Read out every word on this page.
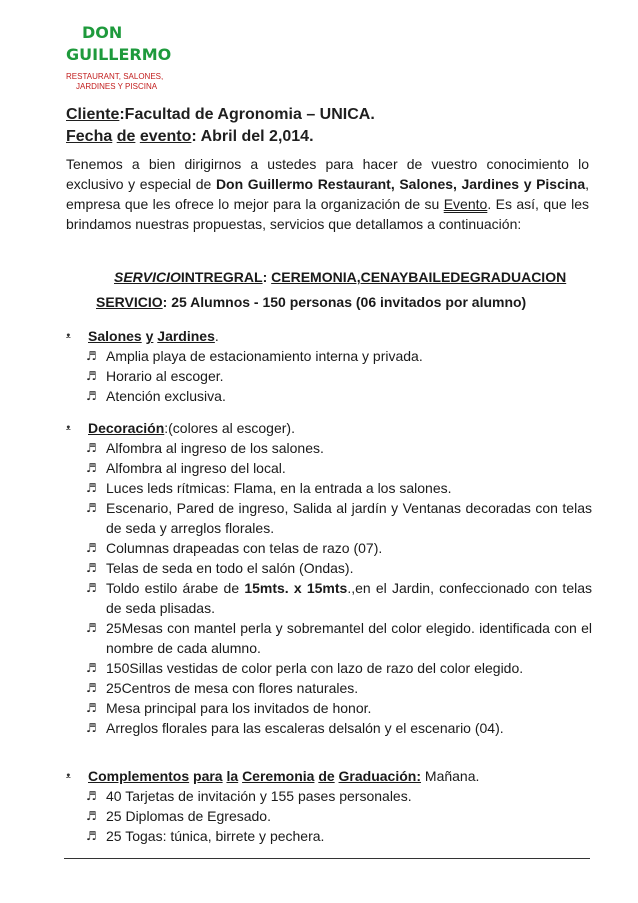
DON
GUILLERMO
RESTAURANT, SALONES,
JARDINES Y PISCINA
Cliente:Facultad de Agronomia – UNICA.
Fecha de evento: Abril del 2,014.
Tenemos a bien dirigirnos a ustedes para hacer de vuestro conocimiento lo exclusivo y especial de Don Guillermo Restaurant, Salones, Jardines y Piscina, empresa que les ofrece lo mejor para la organización de su Evento. Es así, que les brindamos nuestras propuestas, servicios que detallamos a continuación:
SERVICIOINTREGRAL: CEREMONIA,CENAYBAILEDEGRADUACION
SERVICIO: 25 Alumnos - 150 personas (06 invitados por alumno)
ᵜ Salones y Jardines.
♬ Amplia playa de estacionamiento interna y privada.
♬ Horario al escoger.
♬ Atención exclusiva.
ᵜ Decoración:(colores al escoger).
♬ Alfombra al ingreso de los salones.
♬ Alfombra al ingreso del local.
♬ Luces leds rítmicas: Flama, en la entrada a los salones.
♬ Escenario, Pared de ingreso, Salida al jardín y Ventanas decoradas con telas de seda y arreglos florales.
♬ Columnas drapeadas con telas de razo (07).
♬ Telas de seda en todo el salón (Ondas).
♬ Toldo estilo árabe de 15mts. x 15mts.,en el Jardin, confeccionado con telas de seda plisadas.
♬ 25Mesas con mantel perla y sobremantel del color elegido. identificada con el nombre de cada alumno.
♬ 150Sillas vestidas de color perla con lazo de razo del color elegido.
♬ 25Centros de mesa con flores naturales.
♬ Mesa principal para los invitados de honor.
♬ Arreglos florales para las escaleras delsalón y el escenario (04).
ᵜ Complementos para la Ceremonia de Graduación: Mañana.
♬ 40 Tarjetas de invitación y 155 pases personales.
♬ 25 Diplomas de Egresado.
♬ 25 Togas: túnica, birrete y pechera.
